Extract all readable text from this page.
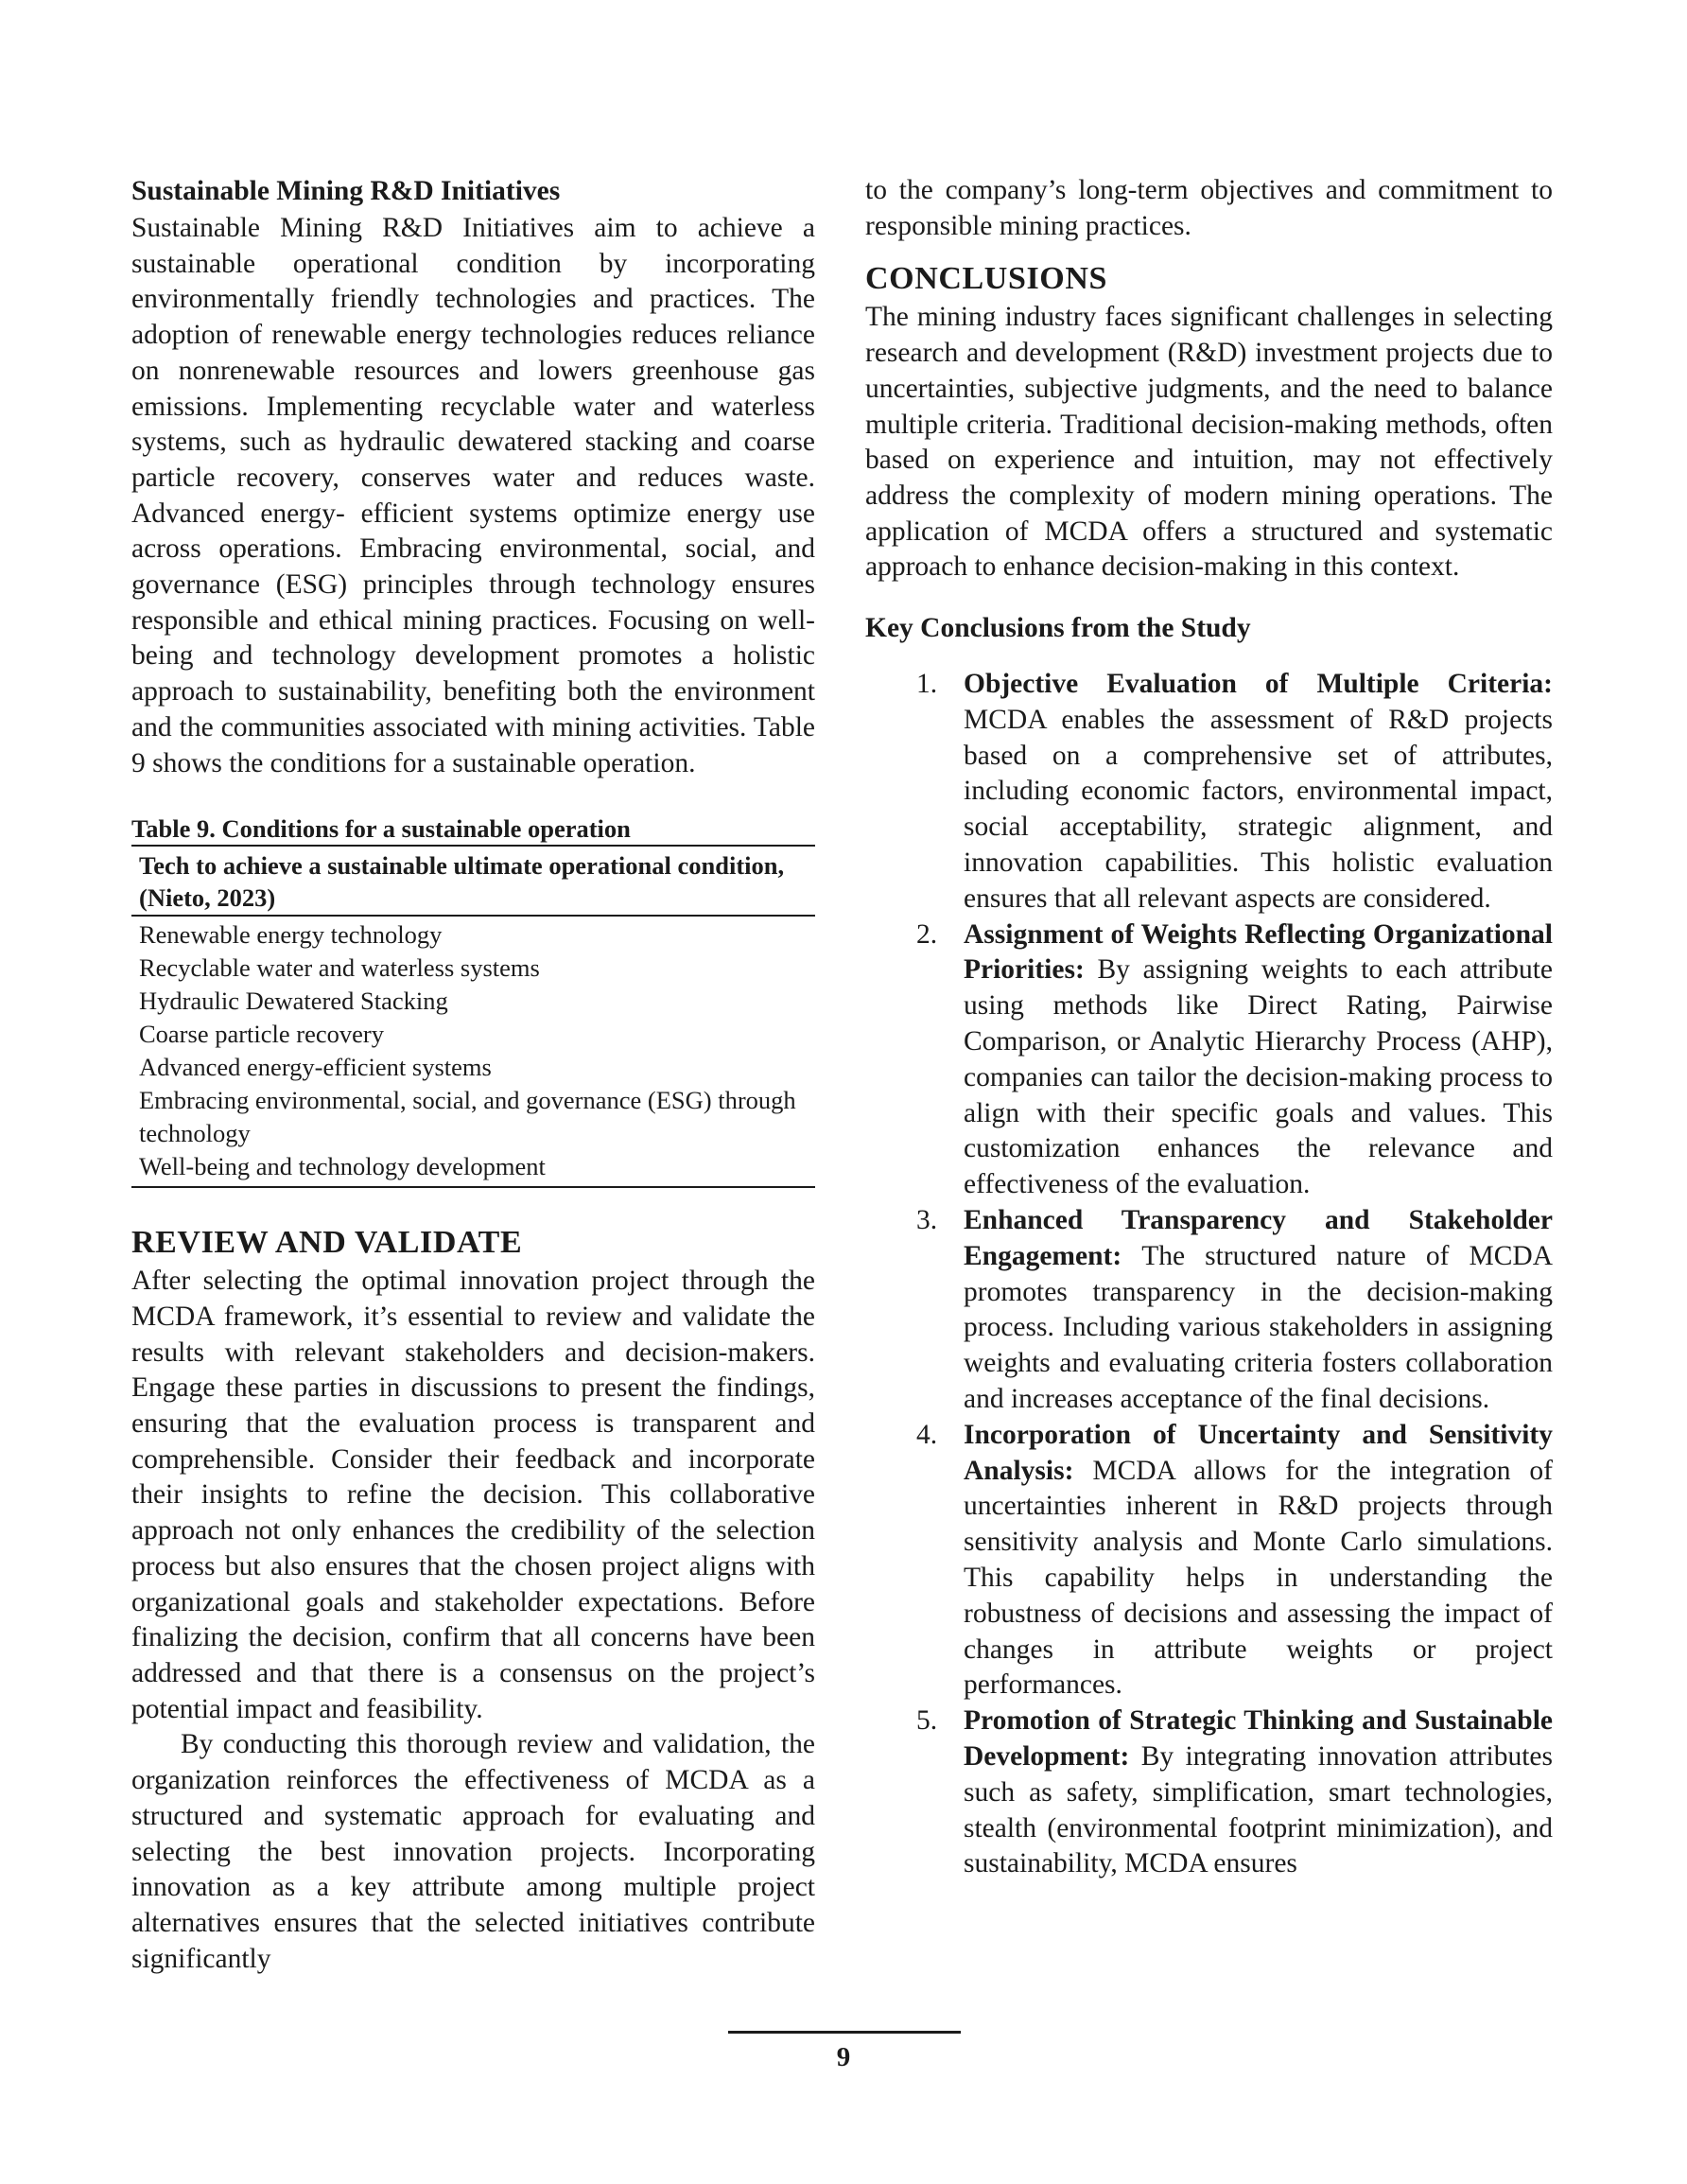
Sustainable Mining R&D Initiatives

Sustainable Mining R&D Initiatives aim to achieve a sustainable operational condition by incorporating environmentally friendly technologies and practices. The adoption of renewable energy technologies reduces reliance on nonrenewable resources and lowers greenhouse gas emissions. Implementing recyclable water and waterless systems, such as hydraulic dewatered stacking and coarse particle recovery, conserves water and reduces waste. Advanced energy- efficient systems optimize energy use across operations. Embracing environmental, social, and governance (ESG) principles through technology ensures responsible and ethical mining practices. Focusing on well-being and technology development promotes a holistic approach to sustainability, benefiting both the environment and the communities associated with mining activities. Table 9 shows the conditions for a sustainable operation.

Table 9. Conditions for a sustainable operation

Tech to achieve a sustainable ultimate operational condition, (Nieto, 2023)
Renewable energy technology
Recyclable water and waterless systems
Hydraulic Dewatered Stacking
Coarse particle recovery
Advanced energy-efficient systems
Embracing environmental, social, and governance (ESG) through technology
Well-being and technology development
REVIEW AND VALIDATE

After selecting the optimal innovation project through the MCDA framework, it’s essential to review and validate the results with relevant stakeholders and decision-makers. Engage these parties in discussions to present the findings, ensuring that the evaluation process is transparent and comprehensible. Consider their feedback and incorporate their insights to refine the decision. This collaborative approach not only enhances the credibility of the selection process but also ensures that the chosen project aligns with organizational goals and stakeholder expectations. Before finalizing the decision, confirm that all concerns have been addressed and that there is a consensus on the project’s potential impact and feasibility.

By conducting this thorough review and validation, the organization reinforces the effectiveness of MCDA as a structured and systematic approach for evaluating and selecting the best innovation projects. Incorporating innovation as a key attribute among multiple project alternatives ensures that the selected initiatives contribute significantly

to the company’s long-term objectives and commitment to responsible mining practices.

CONCLUSIONS

The mining industry faces significant challenges in selecting research and development (R&D) investment projects due to uncertainties, subjective judgments, and the need to balance multiple criteria. Traditional decision-making methods, often based on experience and intuition, may not effectively address the complexity of modern mining operations. The application of MCDA offers a structured and systematic approach to enhance decision-making in this context.

Key Conclusions from the Study
1. Objective Evaluation of Multiple Criteria: MCDA enables the assessment of R&D projects based on a comprehensive set of attributes, including economic factors, environmental impact, social acceptability, strategic alignment, and innovation capabilities. This holistic evaluation ensures that all relevant aspects are considered.
2. Assignment of Weights Reflecting Organizational Priorities: By assigning weights to each attribute using methods like Direct Rating, Pairwise Comparison, or Analytic Hierarchy Process (AHP), companies can tailor the decision-making process to align with their specific goals and values. This customization enhances the relevance and effectiveness of the evaluation.
3. Enhanced Transparency and Stakeholder Engagement: The structured nature of MCDA promotes transparency in the decision-making process. Including various stakeholders in assigning weights and evaluating criteria fosters collaboration and increases acceptance of the final decisions.
4. Incorporation of Uncertainty and Sensitivity Analysis: MCDA allows for the integration of uncertainties inherent in R&D projects through sensitivity analysis and Monte Carlo simulations. This capability helps in understanding the robustness of decisions and assessing the impact of changes in attribute weights or project performances.
5. Promotion of Strategic Thinking and Sustainable Development: By integrating innovation attributes such as safety, simplification, smart technologies, stealth (environmental footprint minimization), and sustainability, MCDA ensures
9
